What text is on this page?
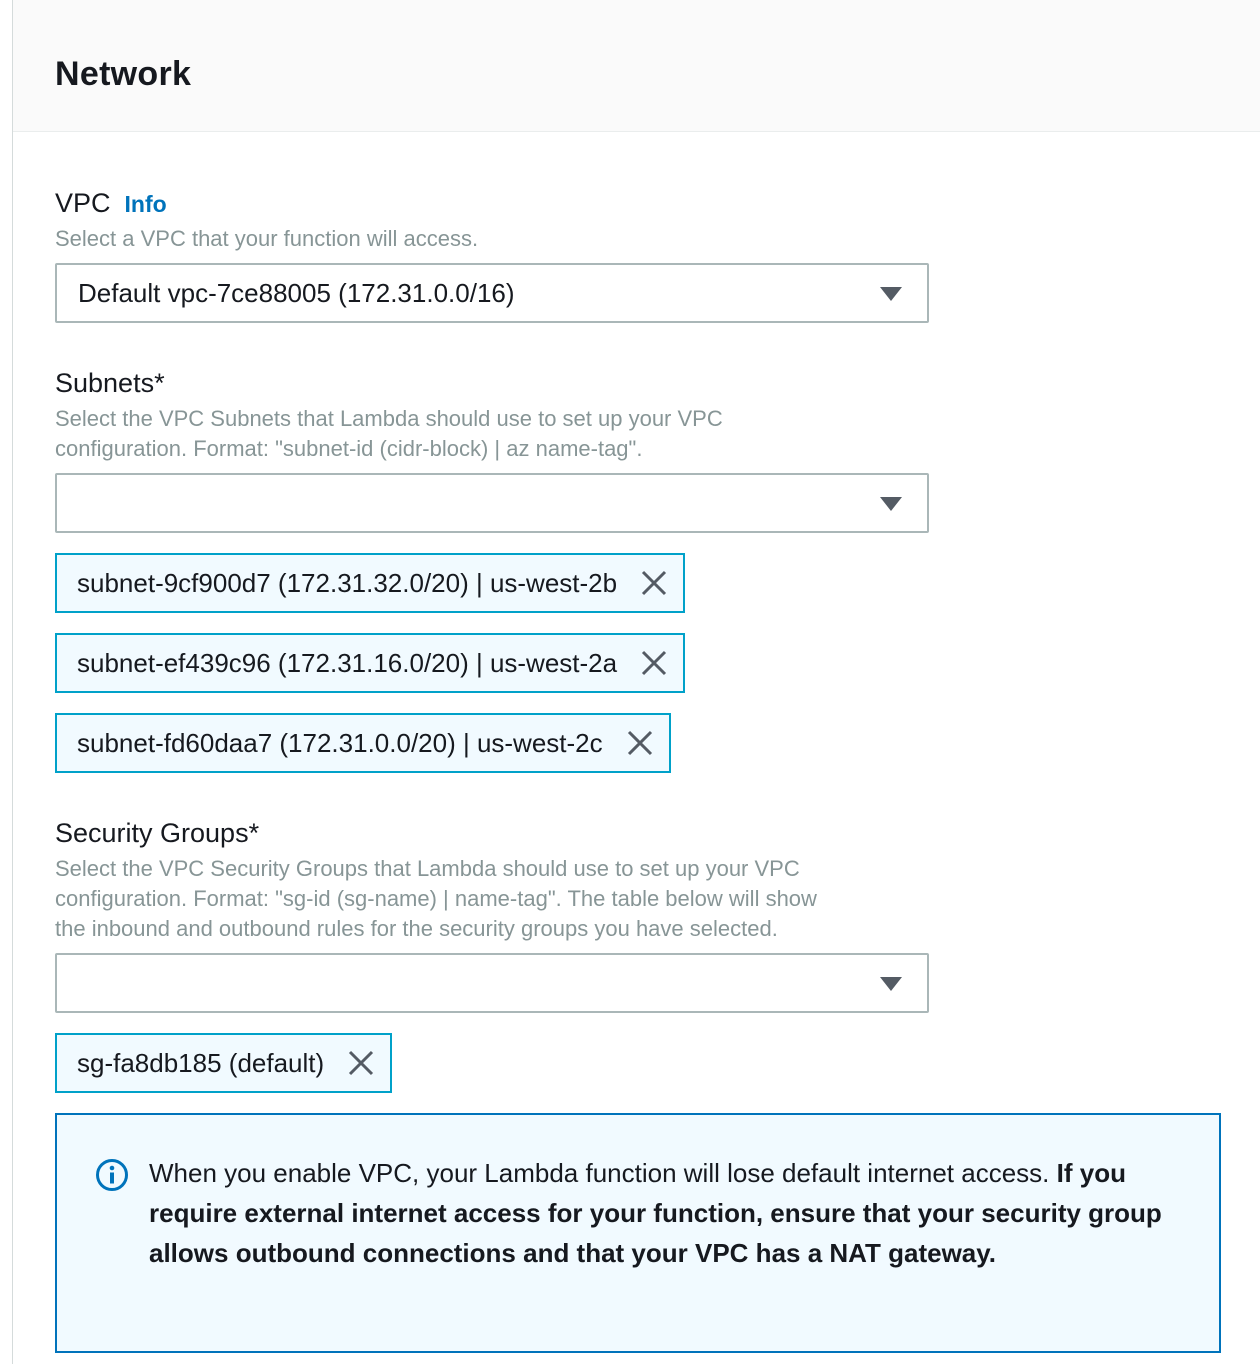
Network
VPC Info
Select a VPC that your function will access.
Default vpc-7ce88005 (172.31.0.0/16)
Subnets*
Select the VPC Subnets that Lambda should use to set up your VPC
configuration. Format: "subnet-id (cidr-block) | az name-tag".
subnet-9cf900d7 (172.31.32.0/20) | us-west-2b
subnet-ef439c96 (172.31.16.0/20) | us-west-2a
subnet-fd60daa7 (172.31.0.0/20) | us-west-2c
Security Groups*
Select the VPC Security Groups that Lambda should use to set up your VPC
configuration. Format: "sg-id (sg-name) | name-tag". The table below will show
the inbound and outbound rules for the security groups you have selected.
sg-fa8db185 (default)
When you enable VPC, your Lambda function will lose default internet access. If you require external internet access for your function, ensure that your security group allows outbound connections and that your VPC has a NAT gateway.
